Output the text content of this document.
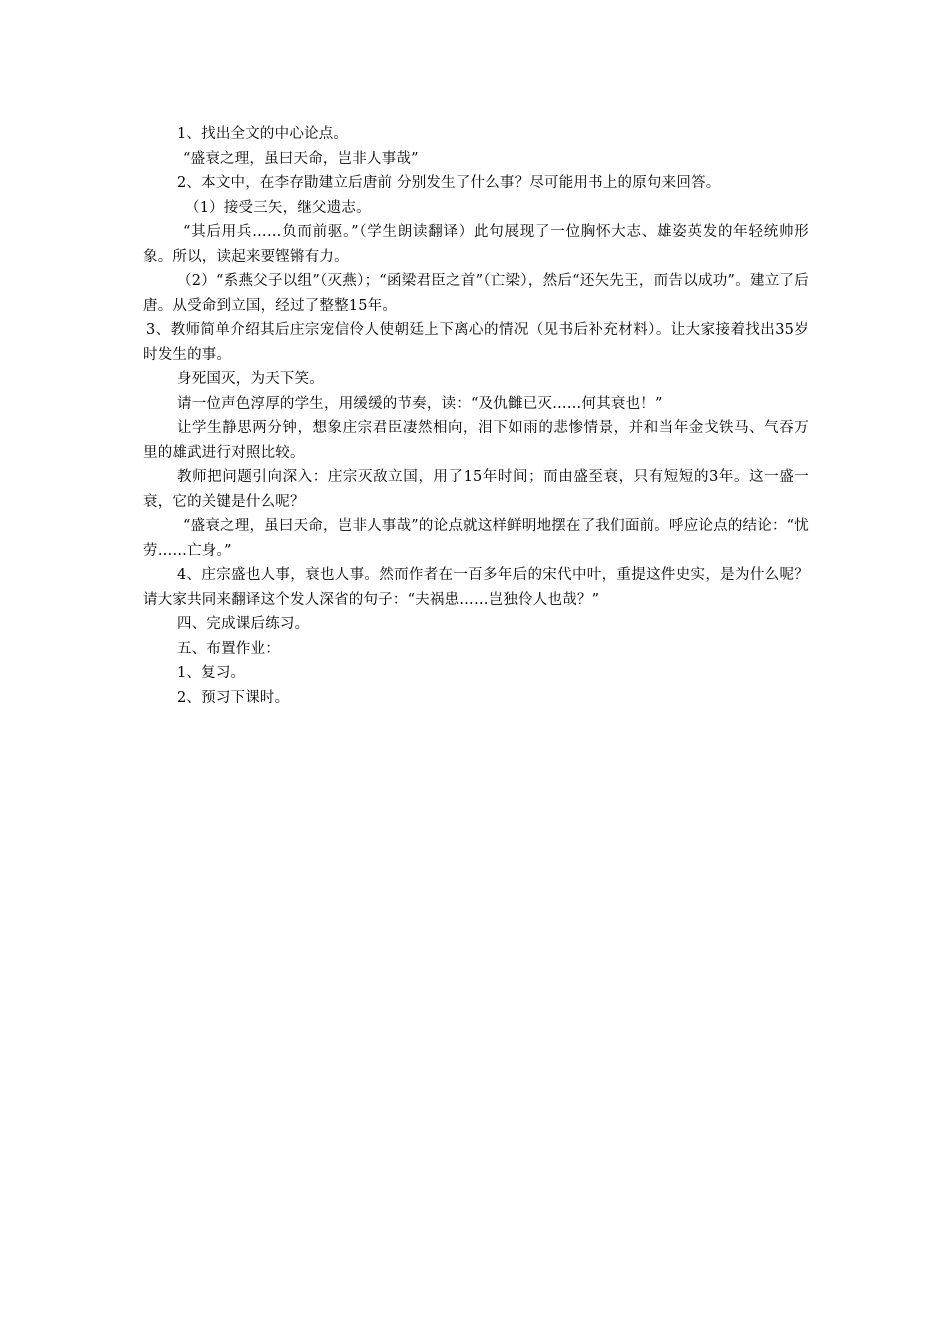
1、找出全文的中心论点。

“盛衰之理，虽曰天命，岂非人事哉”

2、本文中，在李存勖建立后唐前 分别发生了什么事？尽可能用书上的原句来回答。

（1）接受三矢，继父遗志。

“其后用兵……负而前驱。”（学生朗读翻译）此句展现了一位胸怀大志、雄姿英发的年轻统帅形象。所以，读起来要铿锵有力。

（2）“系燕父子以组”（灭燕）；“函梁君臣之首”（亡梁），然后“还矢先王，而告以成功”。建立了后唐。从受命到立国，经过了整整15年。

3、教师简单介绍其后庄宗宠信伶人使朝廷上下离心的情况（见书后补充材料）。让大家接着找出35岁时发生的事。

身死国灭，为天下笑。

请一位声色淳厚的学生，用缓缓的节奏，读：“及仇雠已灭……何其衰也！”

让学生静思两分钟，想象庄宗君臣凄然相向，泪下如雨的悲惨情景，并和当年金戈铁马、气吞万里的雄武进行对照比较。

教师把问题引向深入：庄宗灭敌立国，用了15年时间；而由盛至衰，只有短短的3年。这一盛一衰，它的关键是什么呢？

“盛衰之理，虽曰天命，岂非人事哉”的论点就这样鲜明地摆在了我们面前。呼应论点的结论：“忧劳……亡身。”

4、庄宗盛也人事，衰也人事。然而作者在一百多年后的宋代中叶，重提这件史实，是为什么呢？ 请大家共同来翻译这个发人深省的句子：“夫祸患……岂独伶人也哉？”

四、完成课后练习。

五、布置作业：

1、复习。

2、预习下课时。
